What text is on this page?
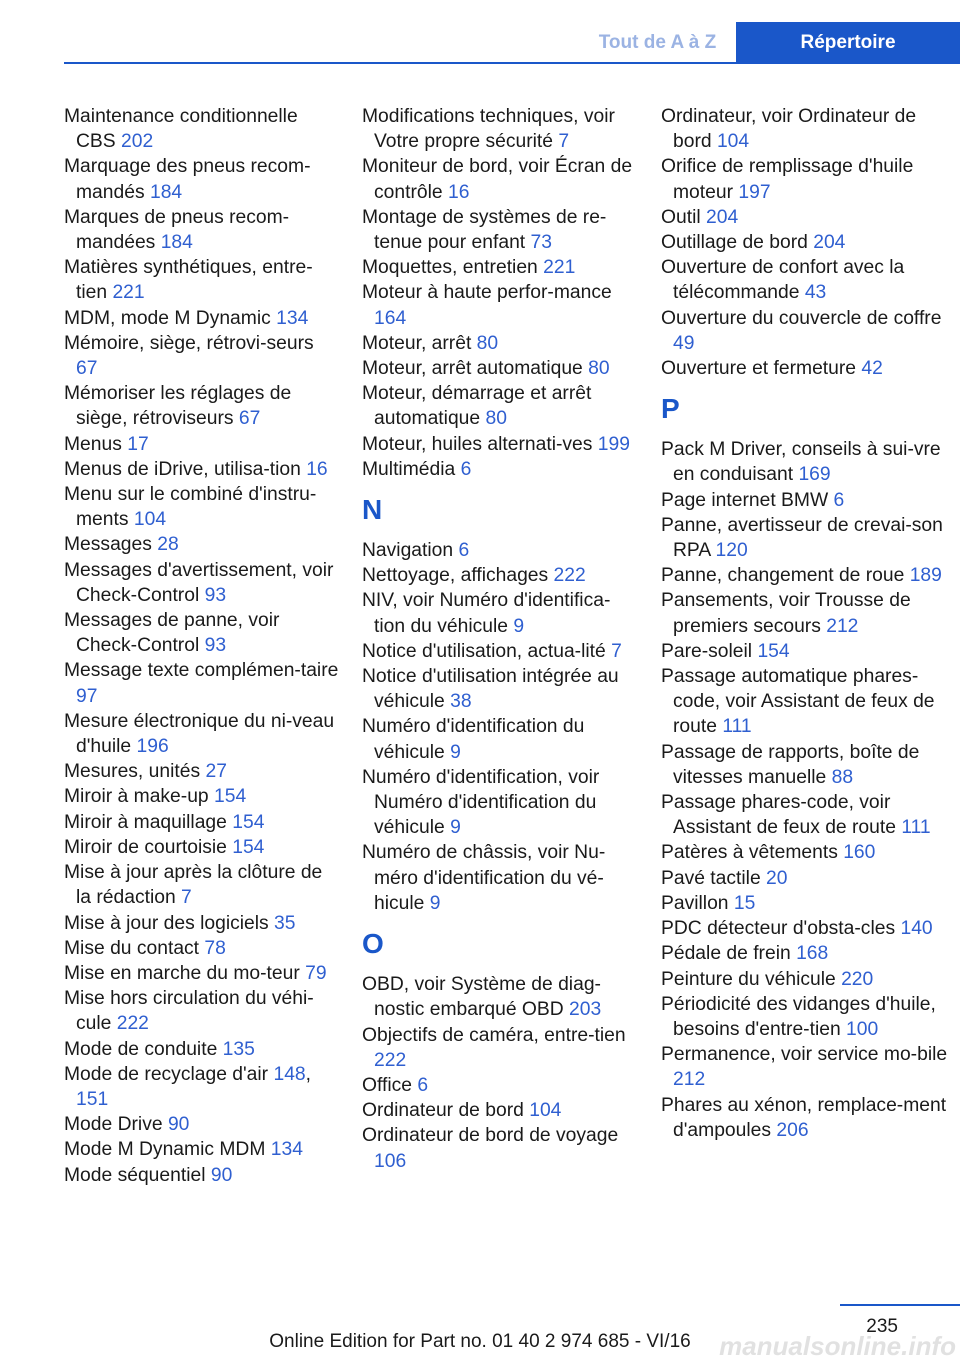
Tout de A à Z	Répertoire

Maintenance conditionnelle CBS 202

Marquage des pneus recom-mandés 184

Marques de pneus recom-mandées 184

Matières synthétiques, entre-tien 221

MDM, mode M Dynamic 134

Mémoire, siège, rétrovi-seurs 67

Mémoriser les réglages de siège, rétroviseurs 67

Menus 17

Menus de iDrive, utilisa-tion 16

Menu sur le combiné d'instru-ments 104

Messages 28

Messages d'avertissement, voir Check-Control 93

Messages de panne, voir Check-Control 93

Message texte complémen-taire 97

Mesure électronique du ni-veau d'huile 196

Mesures, unités 27

Miroir à make-up 154

Miroir à maquillage 154

Miroir de courtoisie 154

Mise à jour après la clôture de la rédaction 7

Mise à jour des logiciels 35

Mise du contact 78

Mise en marche du mo-teur 79

Mise hors circulation du véhi-cule 222

Mode de conduite 135

Mode de recyclage d'air 148, 151

Mode Drive 90

Mode M Dynamic MDM 134

Mode séquentiel 90

Modifications techniques, voir Votre propre sécurité 7

Moniteur de bord, voir Écran de contrôle 16

Montage de systèmes de re-tenue pour enfant 73

Moquettes, entretien 221

Moteur à haute perfor-mance 164

Moteur, arrêt 80

Moteur, arrêt automatique 80

Moteur, démarrage et arrêt automatique 80

Moteur, huiles alternati-ves 199

Multimédia 6

N

Navigation 6

Nettoyage, affichages 222

NIV, voir Numéro d'identifica-tion du véhicule 9

Notice d'utilisation, actua-lité 7

Notice d'utilisation intégrée au véhicule 38

Numéro d'identification du véhicule 9

Numéro d'identification, voir Numéro d'identification du véhicule 9

Numéro de châssis, voir Nu-méro d'identification du vé-hicule 9

O

OBD, voir Système de diag-nostic embarqué OBD 203

Objectifs de caméra, entre-tien 222

Office 6

Ordinateur de bord 104

Ordinateur de bord de voyage 106

Ordinateur, voir Ordinateur de bord 104

Orifice de remplissage d'huile moteur 197

Outil 204

Outillage de bord 204

Ouverture de confort avec la télécommande 43

Ouverture du couvercle de coffre 49

Ouverture et fermeture 42

P

Pack M Driver, conseils à sui-vre en conduisant 169

Page internet BMW 6

Panne, avertisseur de crevai-son RPA 120

Panne, changement de roue 189

Pansements, voir Trousse de premiers secours 212

Pare-soleil 154

Passage automatique phares-code, voir Assistant de feux de route 111

Passage de rapports, boîte de vitesses manuelle 88

Passage phares-code, voir Assistant de feux de route 111

Patères à vêtements 160

Pavé tactile 20

Pavillon 15

PDC détecteur d'obsta-cles 140

Pédale de frein 168

Peinture du véhicule 220

Périodicité des vidanges d'huile, besoins d'entre-tien 100

Permanence, voir service mo-bile 212

Phares au xénon, remplace-ment d'ampoules 206

235
Online Edition for Part no. 01 40 2 974 685 - VI/16	manualsonline.info
